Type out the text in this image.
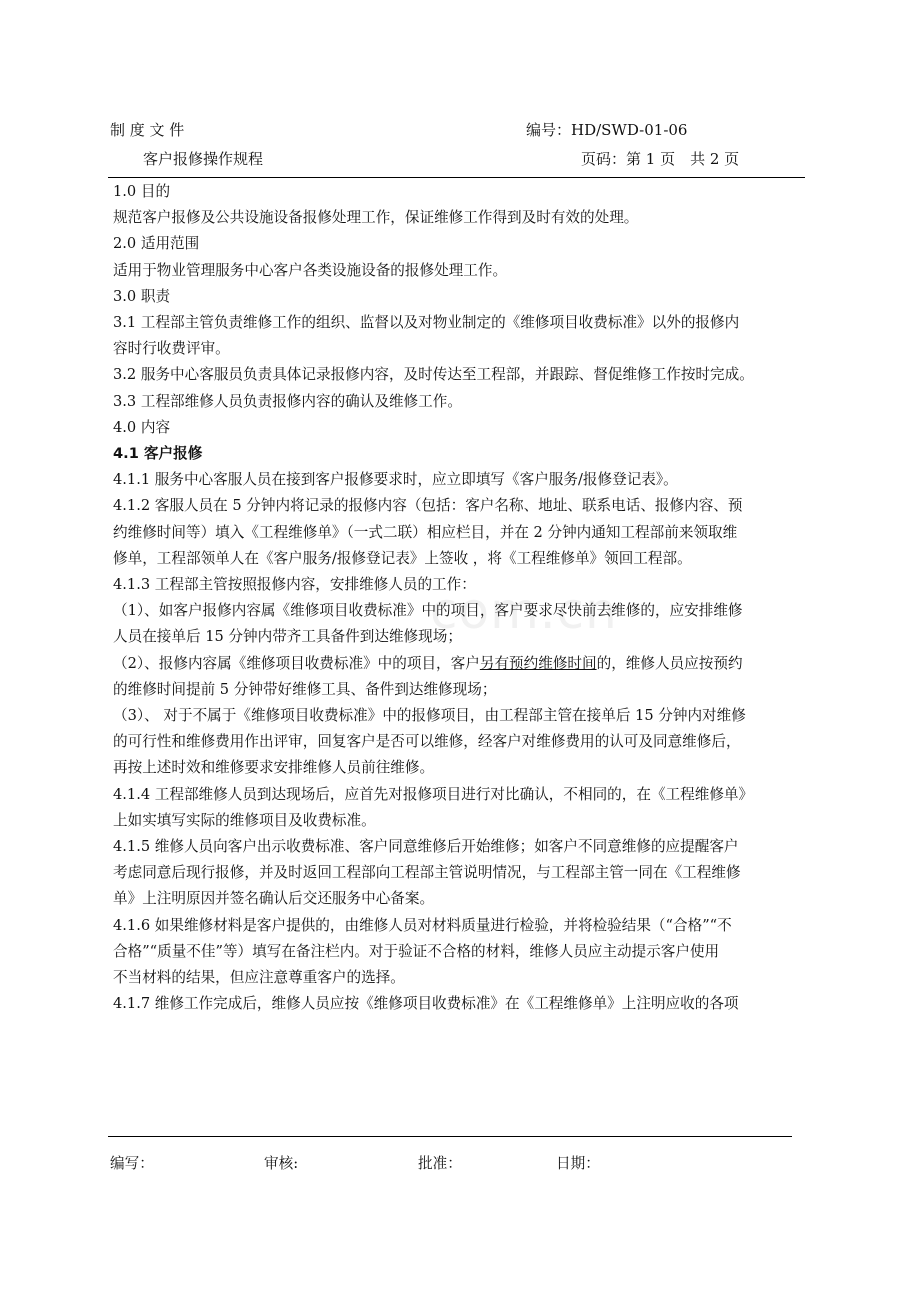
com.cn
制 度 文 件	编号：HD/SWD-01-06
客户报修操作规程	页码：第 1 页　共 2 页

1.0 目的

规范客户报修及公共设施设备报修处理工作，保证维修工作得到及时有效的处理。

2.0 适用范围

适用于物业管理服务中心客户各类设施设备的报修处理工作。

3.0 职责

3.1 工程部主管负责维修工作的组织、监督以及对物业制定的《维修项目收费标准》以外的报修内

容时行收费评审。

3.2 服务中心客服员负责具体记录报修内容，及时传达至工程部，并跟踪、督促维修工作按时完成。

3.3 工程部维修人员负责报修内容的确认及维修工作。

4.0 内容

4.1 客户报修

4.1.1 服务中心客服人员在接到客户报修要求时，应立即填写《客户服务/报修登记表》。

4.1.2 客服人员在 5 分钟内将记录的报修内容（包括：客户名称、地址、联系电话、报修内容、预

约维修时间等）填入《工程维修单》（一式二联）相应栏目，并在 2 分钟内通知工程部前来领取维

修单，工程部领单人在《客户服务/报修登记表》上签收 ，将《工程维修单》领回工程部。

4.1.3 工程部主管按照报修内容，安排维修人员的工作：

（1）、如客户报修内容属《维修项目收费标准》中的项目，客户要求尽快前去维修的，应安排维修

人员在接单后 15 分钟内带齐工具备件到达维修现场；

（2）、报修内容属《维修项目收费标准》中的项目，客户另有预约维修时间的，维修人员应按预约

的维修时间提前 5 分钟带好维修工具、备件到达维修现场；

（3）、 对于不属于《维修项目收费标准》中的报修项目，由工程部主管在接单后 15 分钟内对维修

的可行性和维修费用作出评审，回复客户是否可以维修，经客户对维修费用的认可及同意维修后，

再按上述时效和维修要求安排维修人员前往维修。

4.1.4 工程部维修人员到达现场后，应首先对报修项目进行对比确认，不相同的，在《工程维修单》

上如实填写实际的维修项目及收费标准。

4.1.5 维修人员向客户出示收费标准、客户同意维修后开始维修；如客户不同意维修的应提醒客户

考虑同意后现行报修，并及时返回工程部向工程部主管说明情况，与工程部主管一同在《工程维修

单》上注明原因并签名确认后交还服务中心备案。

4.1.6 如果维修材料是客户提供的，由维修人员对材料质量进行检验，并将检验结果（“合格”“不

合格”“质量不佳”等）填写在备注栏内。对于验证不合格的材料，维修人员应主动提示客户使用

不当材料的结果，但应注意尊重客户的选择。

4.1.7 维修工作完成后，维修人员应按《维修项目收费标准》在《工程维修单》上注明应收的各项

编写：	审核:	批准：	日期：
